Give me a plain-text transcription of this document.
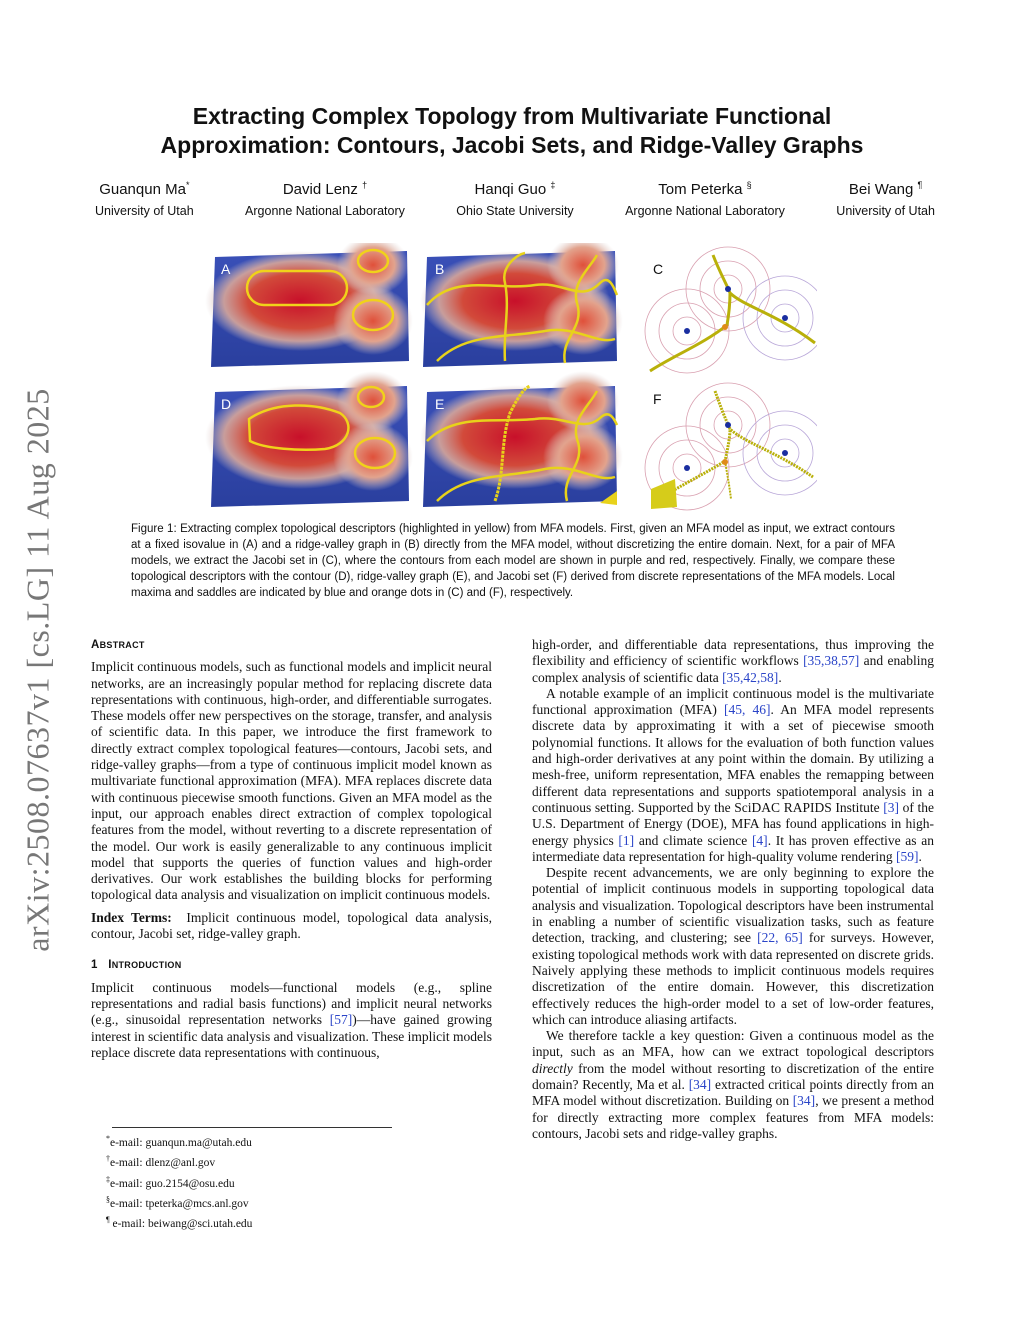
arXiv:2508.07637v1 [cs.LG] 11 Aug 2025
Extracting Complex Topology from Multivariate Functional
Approximation: Contours, Jacobi Sets, and Ridge-Valley Graphs
Guanqun Ma*
University of Utah
David Lenz †
Argonne National Laboratory
Hanqi Guo ‡
Ohio State University
Tom Peterka §
Argonne National Laboratory
Bei Wang ¶
University of Utah
A	B	C
D	E	F
Figure 1: Extracting complex topological descriptors (highlighted in yellow) from MFA models. First, given an MFA model as input, we extract contours at a fixed isovalue in (A) and a ridge-valley graph in (B) directly from the MFA model, without discretizing the entire domain. Next, for a pair of MFA models, we extract the Jacobi set in (C), where the contours from each model are shown in purple and red, respectively. Finally, we compare these topological descriptors with the contour (D), ridge-valley graph (E), and Jacobi set (F) derived from discrete representations of the MFA models. Local maxima and saddles are indicated by blue and orange dots in (C) and (F), respectively.
ABSTRACT

Implicit continuous models, such as functional models and implicit neural networks, are an increasingly popular method for replacing discrete data representations with continuous, high-order, and differentiable surrogates. These models offer new perspectives on the storage, transfer, and analysis of scientific data. In this paper, we introduce the first framework to directly extract complex topological features—contours, Jacobi sets, and ridge-valley graphs—from a type of continuous implicit model known as multivariate functional approximation (MFA). MFA replaces discrete data with continuous piecewise smooth functions. Given an MFA model as the input, our approach enables direct extraction of complex topological features from the model, without reverting to a discrete representation of the model. Our work is easily generalizable to any continuous implicit model that supports the queries of function values and high-order derivatives. Our work establishes the building blocks for performing topological data analysis and visualization on implicit continuous models.

Index Terms: Implicit continuous model, topological data analysis, contour, Jacobi set, ridge-valley graph.

1 INTRODUCTION

Implicit continuous models—functional models (e.g., spline representations and radial basis functions) and implicit neural networks (e.g., sinusoidal representation networks [57])—have gained growing interest in scientific data analysis and visualization. These implicit models replace discrete data representations with continuous,

high-order, and differentiable data representations, thus improving the flexibility and efficiency of scientific workflows [35,38,57] and enabling complex analysis of scientific data [35,42,58].

A notable example of an implicit continuous model is the multivariate functional approximation (MFA) [45, 46]. An MFA model represents discrete data by approximating it with a set of piecewise smooth polynomial functions. It allows for the evaluation of both function values and high-order derivatives at any point within the domain. By utilizing a mesh-free, uniform representation, MFA enables the remapping between different data representations and supports spatiotemporal analysis in a continuous setting. Supported by the SciDAC RAPIDS Institute [3] of the U.S. Department of Energy (DOE), MFA has found applications in high-energy physics [1] and climate science [4]. It has proven effective as an intermediate data representation for high-quality volume rendering [59].

Despite recent advancements, we are only beginning to explore the potential of implicit continuous models in supporting topological data analysis and visualization. Topological descriptors have been instrumental in enabling a number of scientific visualization tasks, such as feature detection, tracking, and clustering; see [22, 65] for surveys. However, existing topological methods work with data represented on discrete grids. Naively applying these methods to implicit continuous models requires discretization of the entire domain. However, this discretization effectively reduces the high-order model to a set of low-order features, which can introduce aliasing artifacts.

We therefore tackle a key question: Given a continuous model as the input, such as an MFA, how can we extract topological descriptors directly from the model without resorting to discretization of the entire domain? Recently, Ma et al. [34] extracted critical points directly from an MFA model without discretization. Building on [34], we present a method for directly extracting more complex features from MFA models: contours, Jacobi sets and ridge-valley graphs.

*e-mail: guanqun.ma@utah.edu
†e-mail: dlenz@anl.gov
‡e-mail: guo.2154@osu.edu
§e-mail: tpeterka@mcs.anl.gov
¶ e-mail: beiwang@sci.utah.edu
